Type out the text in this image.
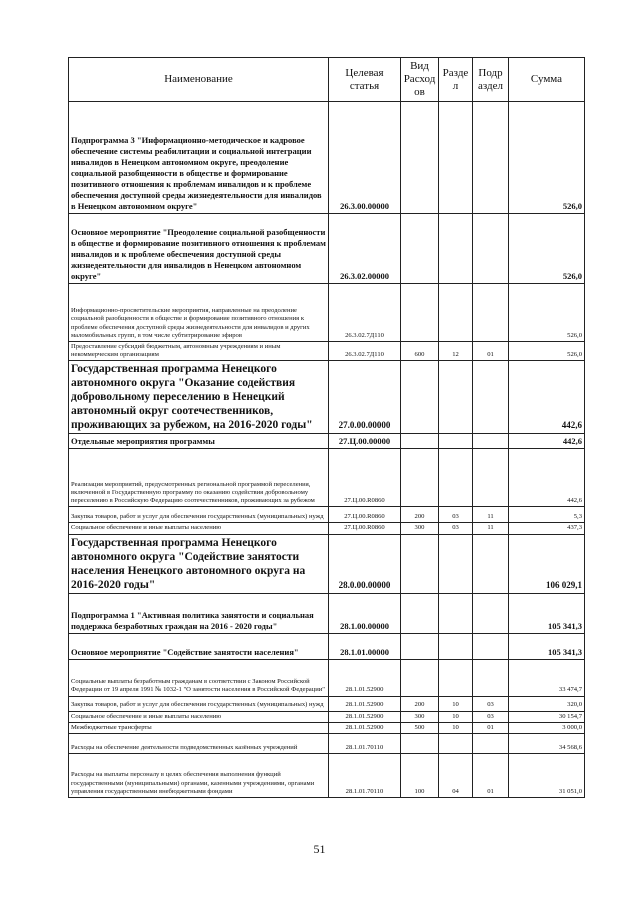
Наименование	Целевая статья	Вид Расход ов	Разде л	Подр аздел	Сумма
Подпрограмма 3 "Информационно-методическое и кадровое обеспечение системы реабилитации и социальной интеграции инвалидов в Ненецком автономном округе, преодоление социальной разобщенности в обществе и формирование позитивного отношения к проблемам инвалидов и к проблеме обеспечения доступной среды жизнедеятельности для инвалидов в Ненецком автономном округе"	26.3.00.00000				526,0
Основное мероприятие "Преодоление социальной разобщенности в обществе и формирование позитивного отношения к проблемам инвалидов и к проблеме обеспечения доступной среды жизнедеятельности для инвалидов в Ненецком автономном округе"	26.3.02.00000				526,0
Информационно-просветительские мероприятия, направленные на преодоление социальной разобщенности в обществе и формирование позитивного отношения к проблеме обеспечения доступной среды жизнедеятельности для инвалидов и других маломобильных групп, в том числе субтитрирование эфиров	26.3.02.7Д110				526,0
Предоставление субсидий бюджетным, автономным учреждениям и иным некоммерческим организациям	26.3.02.7Д110	600	12	01	526,0
Государственная программа Ненецкого автономного округа "Оказание содействия добровольному переселению в Ненецкий автономный округ соотечественников, проживающих за рубежом, на 2016-2020 годы"	27.0.00.00000				442,6
Отдельные мероприятия программы	27.Ц.00.00000				442,6
Реализация мероприятий, предусмотренных региональной программой переселения, включенной в Государственную программу по оказанию содействия добровольному переселению в Российскую Федерацию соотечественников, проживающих за рубежом	27.Ц.00.R0860				442,6
Закупка товаров, работ и услуг для обеспечения государственных (муниципальных) нужд	27.Ц.00.R0860	200	03	11	5,3
Социальное обеспечение и иные выплаты населению	27.Ц.00.R0860	300	03	11	437,3
Государственная программа Ненецкого автономного округа "Содействие занятости населения Ненецкого автономного округа на 2016-2020 годы"	28.0.00.00000				106 029,1
Подпрограмма 1 "Активная политика занятости и социальная поддержка безработных граждан на 2016 - 2020 годы"	28.1.00.00000				105 341,3
Основное мероприятие "Содействие занятости населения"	28.1.01.00000				105 341,3
Социальные выплаты безработным гражданам в соответствии с Законом Российской Федерации от 19 апреля 1991 № 1032-1 "О занятости населения в Российской Федерации"	28.1.01.52900				33 474,7
Закупка товаров, работ и услуг для обеспечения государственных (муниципальных) нужд	28.1.01.52900	200	10	03	320,0
Социальное обеспечение и иные выплаты населению	28.1.01.52900	300	10	03	30 154,7
Межбюджетные трансферты	28.1.01.52900	500	10	01	3 000,0
Расходы на обеспечение деятельности подведомственных казённых учреждений	28.1.01.70110				34 568,6
Расходы на выплаты персоналу в целях обеспечения выполнения функций государственными (муниципальными) органами, казенными учреждениями, органами управления государственными внебюджетными фондами	28.1.01.70110	100	04	01	31 051,0
51
